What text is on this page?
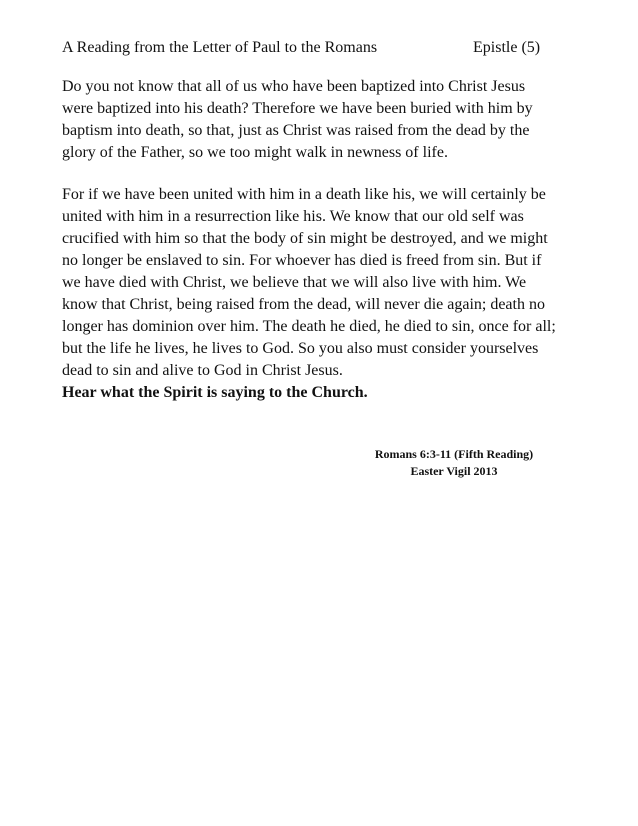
A Reading from the Letter of Paul to the Romans	Epistle (5)

Do you not know that all of us who have been baptized into Christ Jesus
were baptized into his death? Therefore we have been buried with him by
baptism into death, so that, just as Christ was raised from the dead by the
glory of the Father, so we too might walk in newness of life.

For if we have been united with him in a death like his, we will certainly be
united with him in a resurrection like his. We know that our old self was
crucified with him so that the body of sin might be destroyed, and we might
no longer be enslaved to sin. For whoever has died is freed from sin. But if
we have died with Christ, we believe that we will also live with him. We
know that Christ, being raised from the dead, will never die again; death no
longer has dominion over him. The death he died, he died to sin, once for all;
but the life he lives, he lives to God. So you also must consider yourselves
dead to sin and alive to God in Christ Jesus.

Hear what the Spirit is saying to the Church.
Romans 6:3-11 (Fifth Reading)
Easter Vigil 2013
